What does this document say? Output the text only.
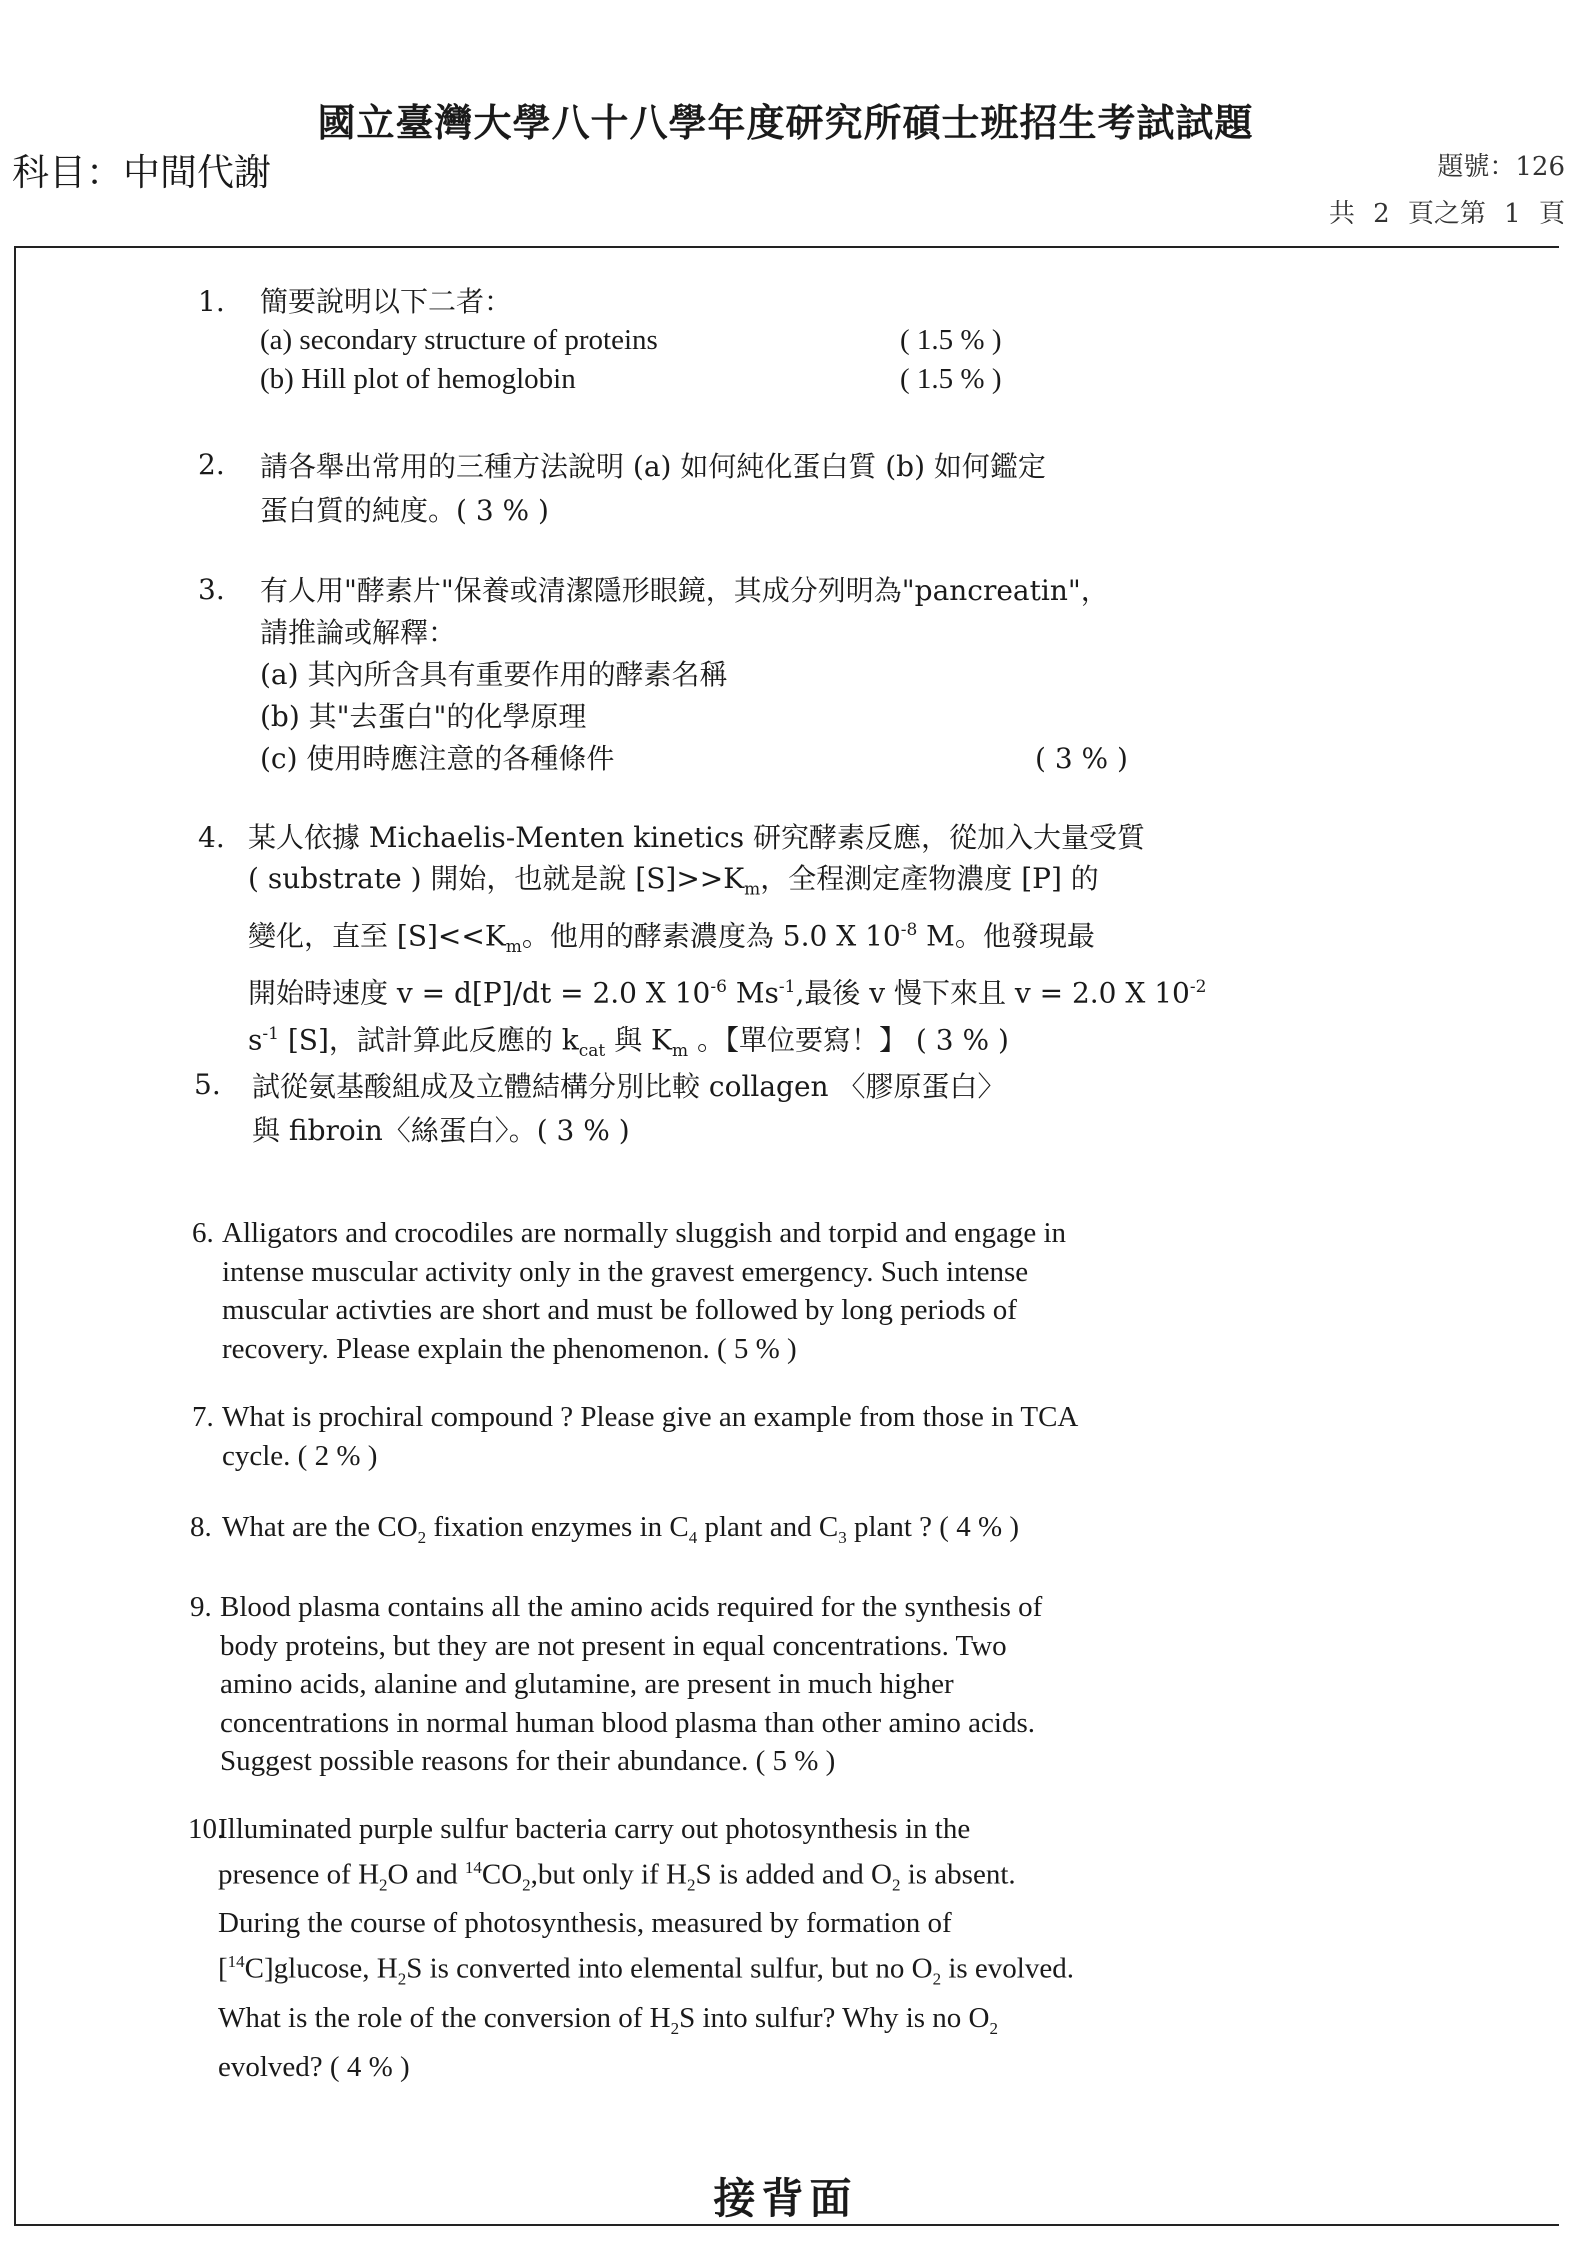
國立臺灣大學八十八學年度研究所碩士班招生考試試題
科目：中間代謝	題號：126
共 2 頁之第 1 頁
1. 簡要說明以下二者：
(a) secondary structure of proteins	( 1.5 % )
(b) Hill plot of hemoglobin	( 1.5 % )
2. 請各舉出常用的三種方法說明 (a) 如何純化蛋白質 (b) 如何鑑定
蛋白質的純度。( 3 % )
3. 有人用"酵素片"保養或清潔隱形眼鏡，其成分列明為"pancreatin"，
請推論或解釋：
(a) 其內所含具有重要作用的酵素名稱
(b) 其"去蛋白"的化學原理
(c) 使用時應注意的各種條件	( 3 % )
4. 某人依據 Michaelis-Menten kinetics 研究酵素反應，從加入大量受質
( substrate ) 開始，也就是說 $[S]>>K_m$，全程測定產物濃度 [P] 的
變化，直至 $[S]<<K_m$。他用的酵素濃度為 5.0 X $10^{-8}$ M。他發現最
開始時速度 v = d[P]/dt = 2.0 X $10^{-6}$ $Ms^{-1}$,最後 v 慢下來且 v = 2.0 X $10^{-2}$
$s^{-1}$ [S]，試計算此反應的 $k_{cat}$ 與 $K_m$ 。【單位要寫！】 ( 3 % )
5. 試從氨基酸組成及立體結構分別比較 collagen 〈膠原蛋白〉
與 fibroin〈絲蛋白〉。( 3 % )
6. Alligators and crocodiles are normally sluggish and torpid and engage in
intense muscular activity only in the gravest emergency. Such intense
muscular activties are short and must be followed by long periods of
recovery. Please explain the phenomenon. ( 5 % )
7. What is prochiral compound ? Please give an example from those in TCA
cycle. ( 2 % )
8. What are the $CO_2$ fixation enzymes in $C_4$ plant and $C_3$ plant ? ( 4 % )
9. Blood plasma contains all the amino acids required for the synthesis of
body proteins, but they are not present in equal concentrations. Two
amino acids, alanine and glutamine, are present in much higher
concentrations in normal human blood plasma than other amino acids.
Suggest possible reasons for their abundance. ( 5 % )
10.
Illuminated purple sulfur bacteria carry out photosynthesis in the
presence of $H_2O$ and $^{14}CO_2,but$ only if $H_2S$ is added and $O_2$ is absent.
During the course of photosynthesis, measured by formation of
[$^{14}$C]glucose, $H_2S$ is converted into elemental sulfur, but no $O_2$ is evolved.
What is the role of the conversion of $H_2S$ into sulfur? Why is no $O_2$
evolved? ( 4 % )
接背面
